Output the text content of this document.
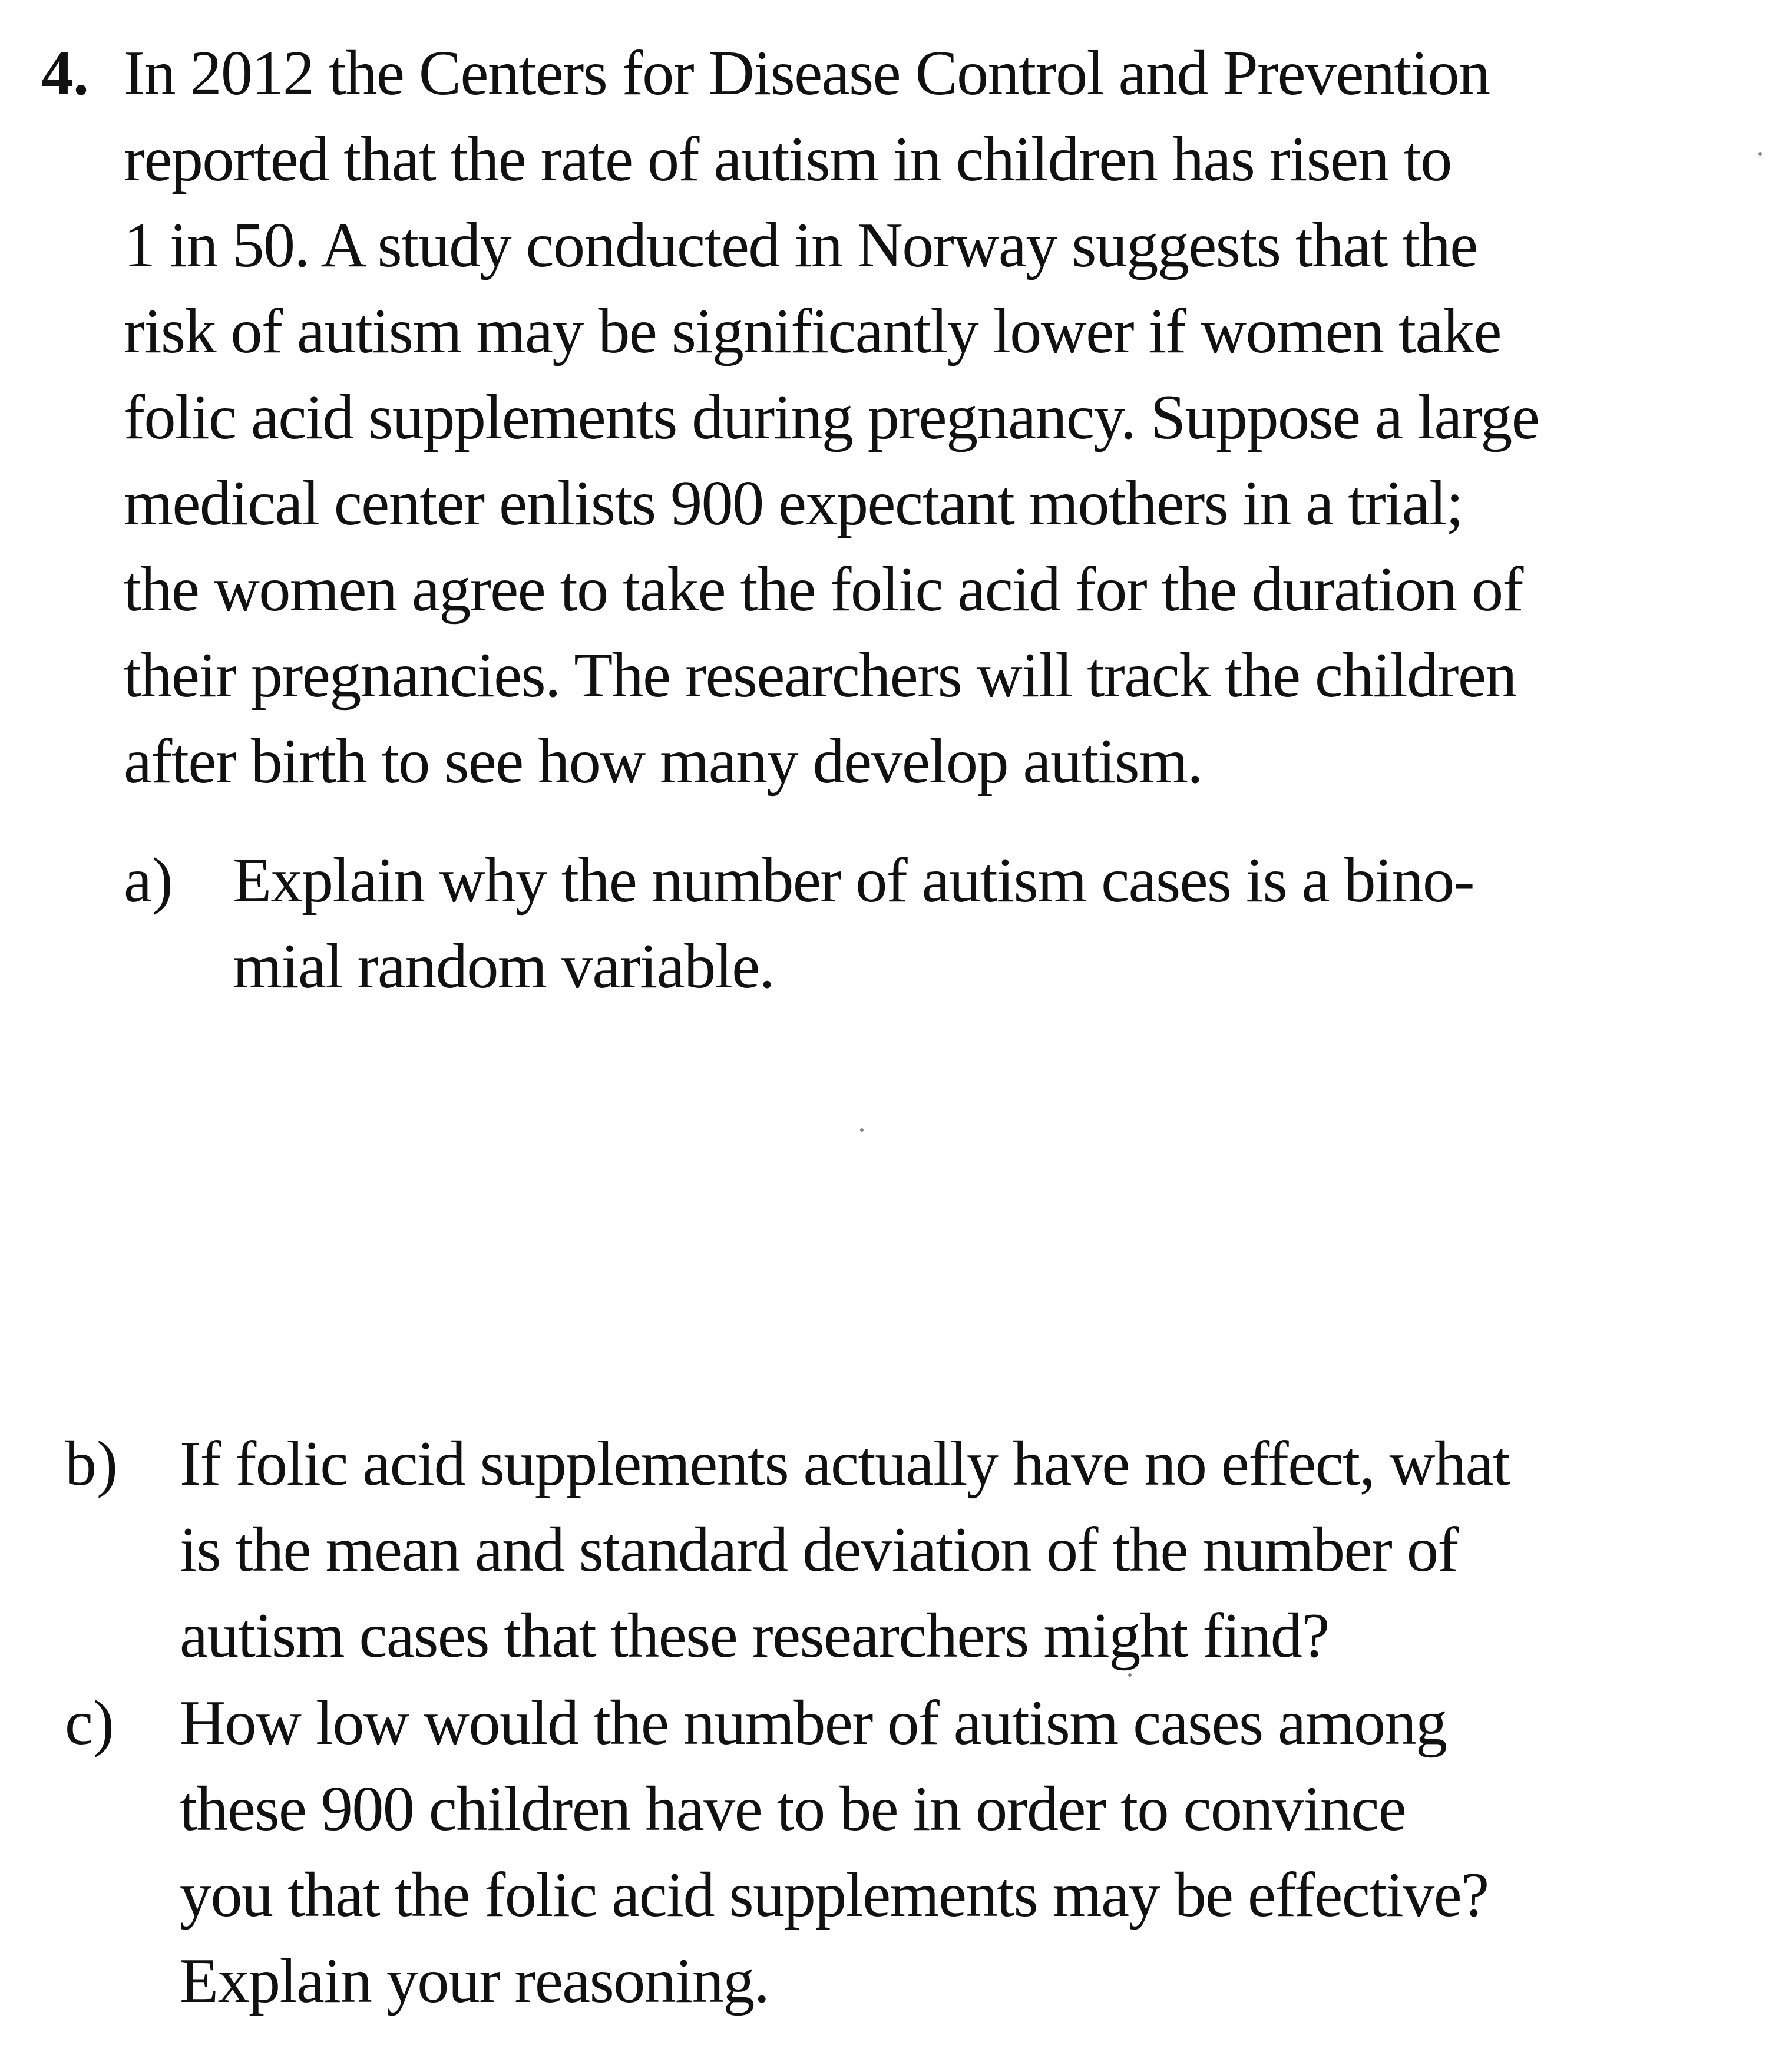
4. In 2012 the Centers for Disease Control and Prevention
reported that the rate of autism in children has risen to
1 in 50. A study conducted in Norway suggests that the
risk of autism may be significantly lower if women take
folic acid supplements during pregnancy. Suppose a large
medical center enlists 900 expectant mothers in a trial;
the women agree to take the folic acid for the duration of
their pregnancies. The researchers will track the children
after birth to see how many develop autism.
a) Explain why the number of autism cases is a bino-
mial random variable.
b) If folic acid supplements actually have no effect, what
is the mean and standard deviation of the number of
autism cases that these researchers might find?
c) How low would the number of autism cases among
these 900 children have to be in order to convince
you that the folic acid supplements may be effective?
Explain your reasoning.
